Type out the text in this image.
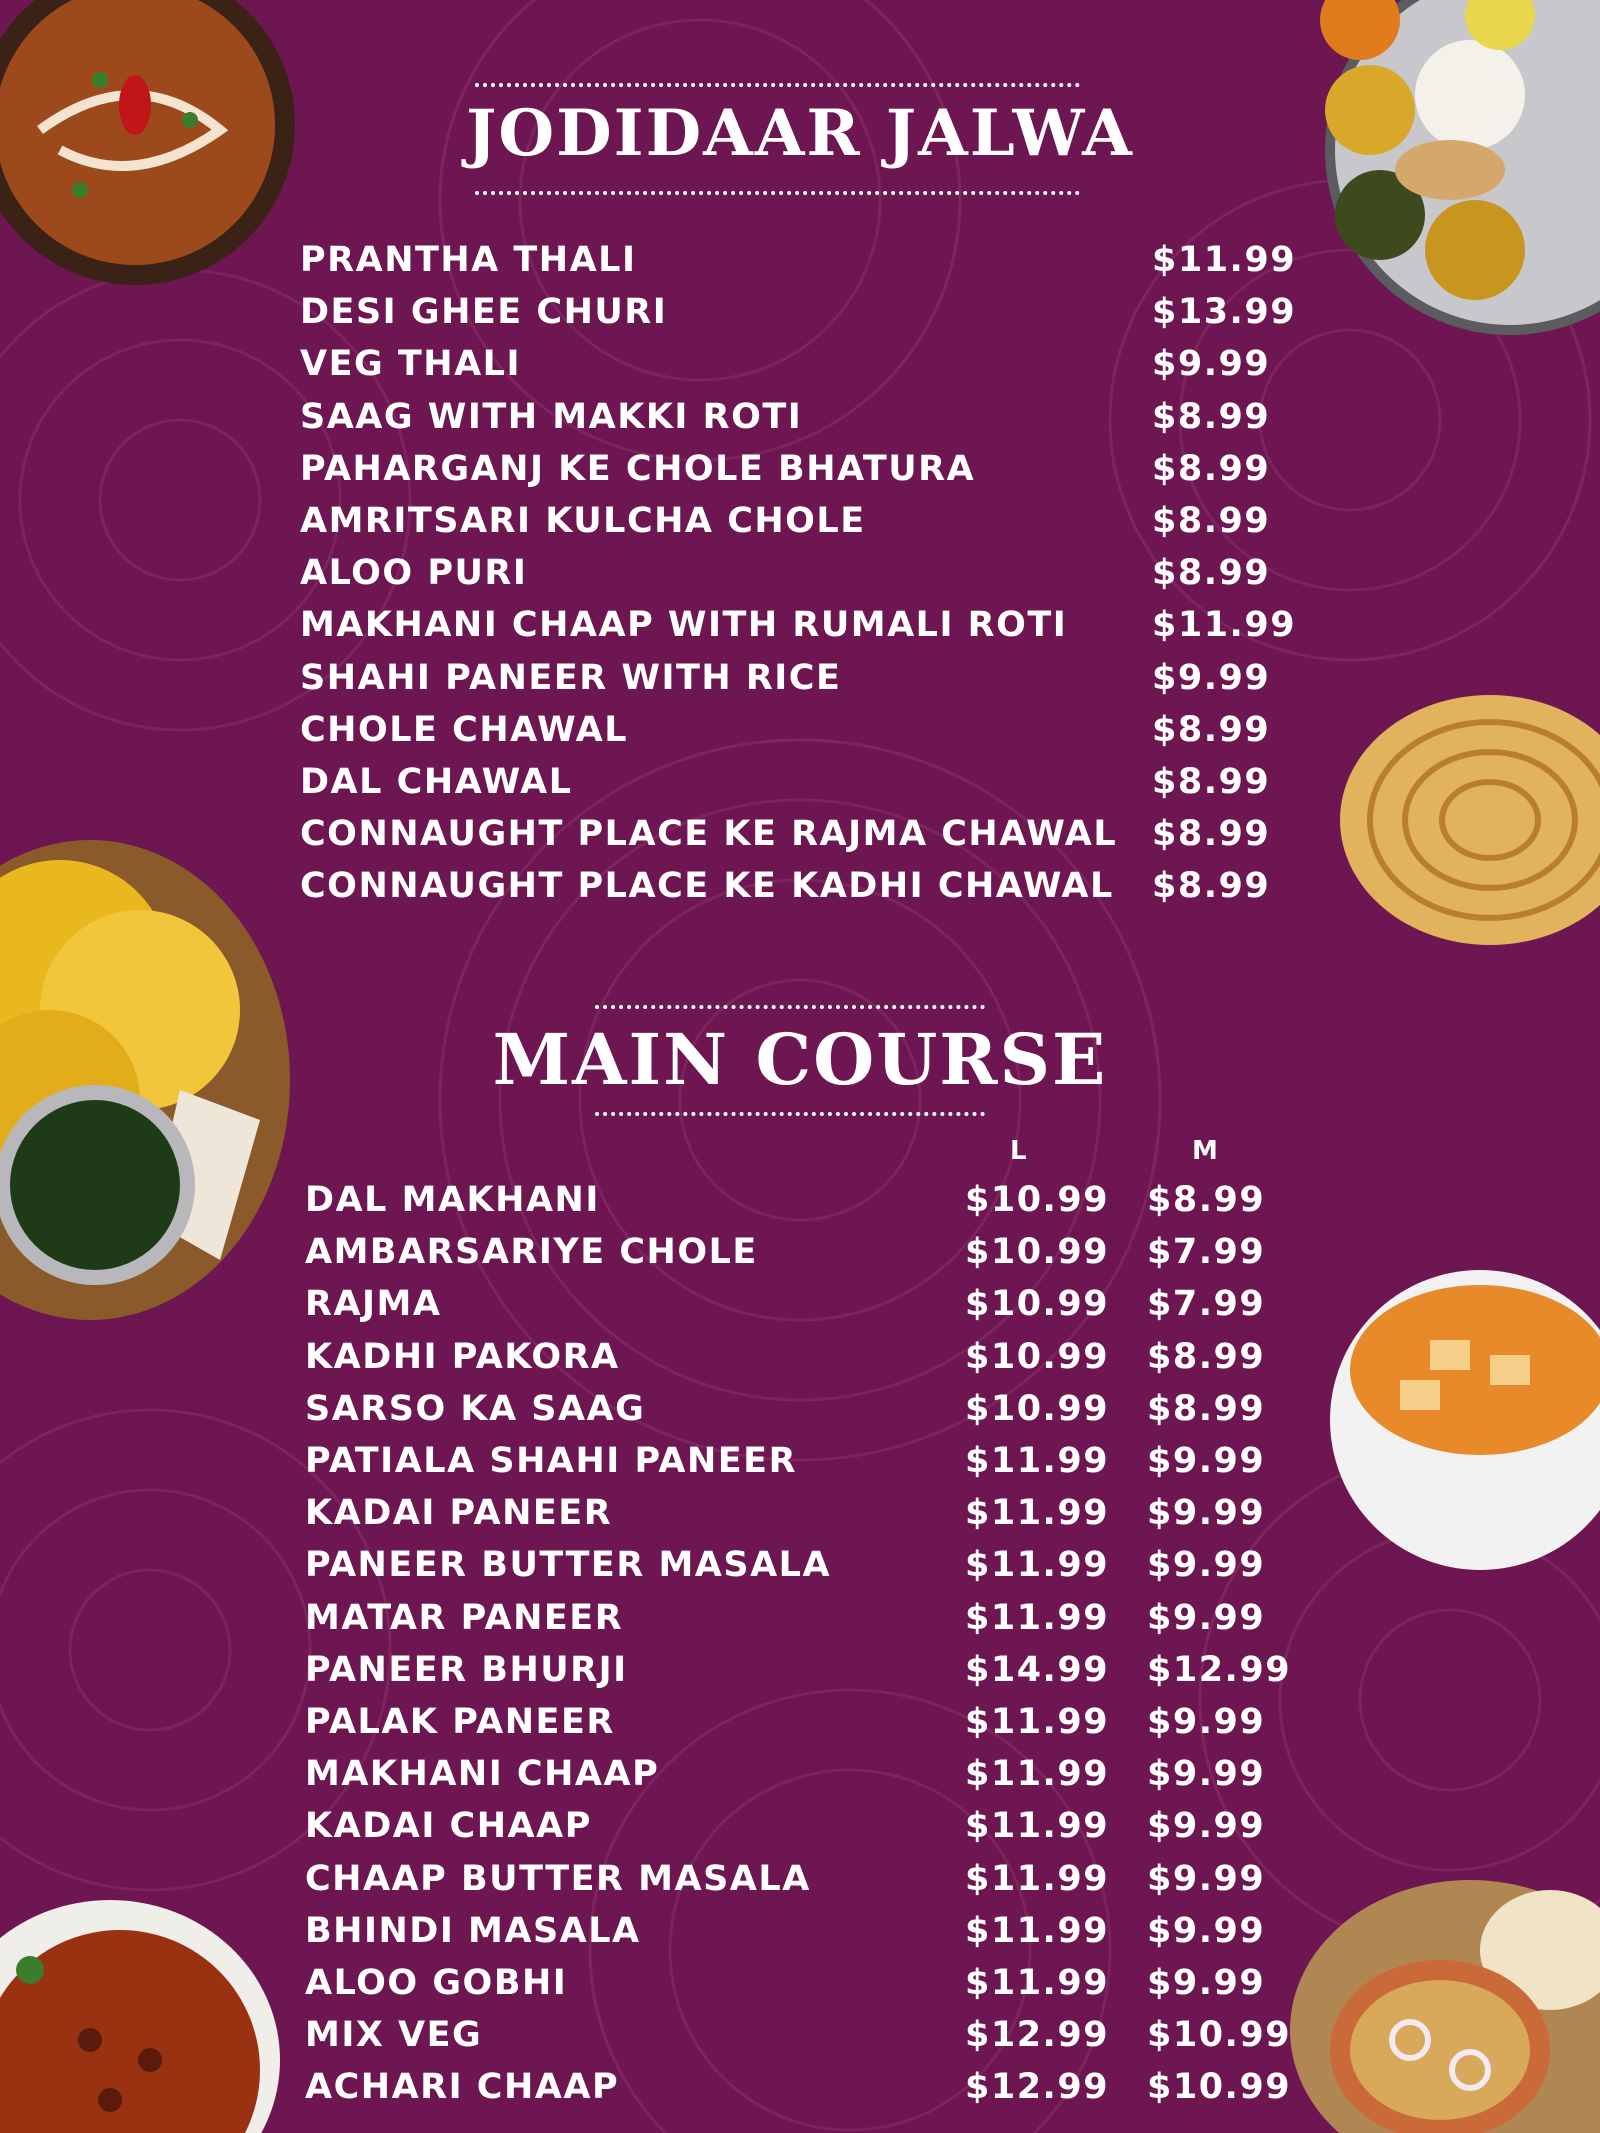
JODIDAAR JALWA
PRANTHA THALI	$11.99
DESI GHEE CHURI	$13.99
VEG THALI	$9.99
SAAG WITH MAKKI ROTI	$8.99
PAHARGANJ KE CHOLE BHATURA	$8.99
AMRITSARI KULCHA CHOLE	$8.99
ALOO PURI	$8.99
MAKHANI CHAAP WITH RUMALI ROTI $11.99
SHAHI PANEER WITH RICE	$9.99
CHOLE CHAWAL	$8.99
DAL CHAWAL	$8.99
CONNAUGHT PLACE KE RAJMA CHAWAL $8.99
CONNAUGHT PLACE KE KADHI CHAWAL $8.99
MAIN COURSE
L	M
DAL MAKHANI	$10.99 $8.99
AMBARSARIYE CHOLE	$10.99 $7.99
RAJMA	$10.99 $7.99
KADHI PAKORA	$10.99 $8.99
SARSO KA SAAG	$10.99 $8.99
PATIALA SHAHI PANEER	$11.99 $9.99
KADAI PANEER	$11.99 $9.99
PANEER BUTTER MASALA	$11.99 $9.99
MATAR PANEER	$11.99 $9.99
PANEER BHURJI	$14.99 $12.99
PALAK PANEER	$11.99 $9.99
MAKHANI CHAAP	$11.99 $9.99
KADAI CHAAP	$11.99 $9.99
CHAAP BUTTER MASALA	$11.99 $9.99
BHINDI MASALA	$11.99 $9.99
ALOO GOBHI	$11.99 $9.99
MIX VEG	$12.99 $10.99
ACHARI CHAAP	$12.99 $10.99
